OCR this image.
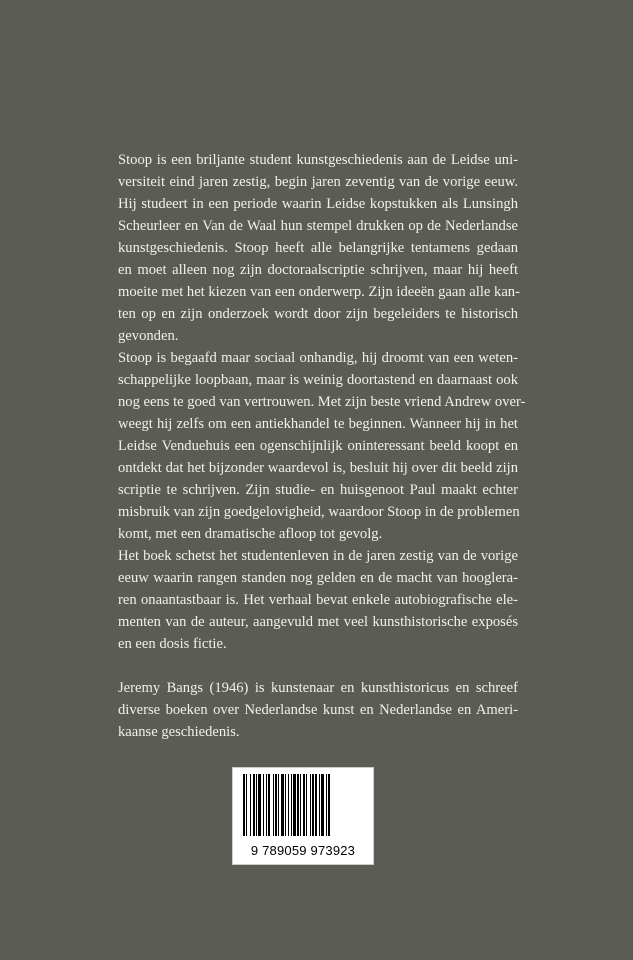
Stoop is een briljante student kunstgeschiedenis aan de Leidse uni-
versiteit eind jaren zestig, begin jaren zeventig van de vorige eeuw.
Hij studeert in een periode waarin Leidse kopstukken als Lunsingh
Scheurleer en Van de Waal hun stempel drukken op de Nederlandse
kunstgeschiedenis. Stoop heeft alle belangrijke tentamens gedaan
en moet alleen nog zijn doctoraalscriptie schrijven, maar hij heeft
moeite met het kiezen van een onderwerp. Zijn ideeën gaan alle kan-
ten op en zijn onderzoek wordt door zijn begeleiders te historisch
gevonden.

Stoop is begaafd maar sociaal onhandig, hij droomt van een weten-
schappelijke loopbaan, maar is weinig doortastend en daarnaast ook
nog eens te goed van vertrouwen. Met zijn beste vriend Andrew over-
weegt hij zelfs om een antiekhandel te beginnen. Wanneer hij in het
Leidse Venduehuis een ogenschijnlijk oninteressant beeld koopt en
ontdekt dat het bijzonder waardevol is, besluit hij over dit beeld zijn
scriptie te schrijven. Zijn studie- en huisgenoot Paul maakt echter
misbruik van zijn goedgelovigheid, waardoor Stoop in de problemen
komt, met een dramatische afloop tot gevolg.

Het boek schetst het studentenleven in de jaren zestig van de vorige
eeuw waarin rangen standen nog gelden en de macht van hooglera-
ren onaantastbaar is. Het verhaal bevat enkele autobiografische ele-
menten van de auteur, aangevuld met veel kunsthistorische exposés
en een dosis fictie.

Jeremy Bangs (1946) is kunstenaar en kunsthistoricus en schreef
diverse boeken over Nederlandse kunst en Nederlandse en Ameri-
kaanse geschiedenis.

9 789059 973923
